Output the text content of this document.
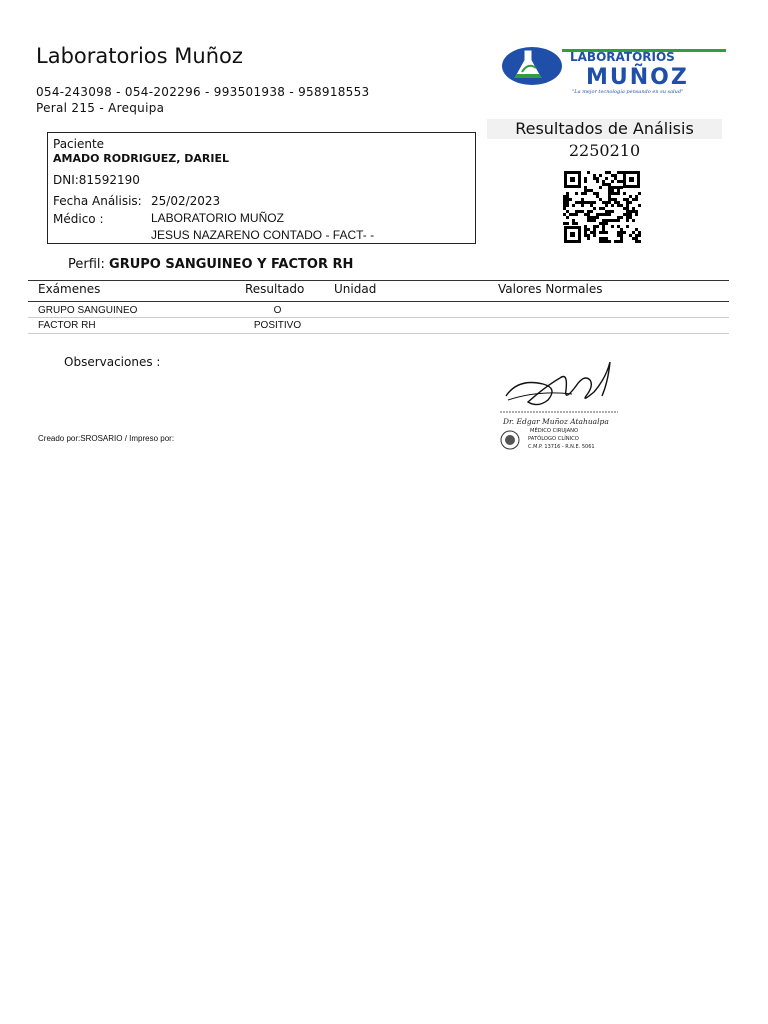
Laboratorios Muñoz
054-243098 - 054-202296 - 993501938 - 958918553
Peral 215 - Arequipa
LABORATORIOS
MUÑOZ
"La mejor tecnología pensando en su salud"
Paciente
AMADO RODRIGUEZ, DARIEL
DNI:81592190
Fecha Análisis: 25/02/2023
Médico :	LABORATORIO MUÑOZ
JESUS NAZARENO CONTADO - FACT- -
Resultados de Análisis
2250210
Perfil: GRUPO SANGUINEO Y FACTOR RH
Exámenes	Resultado Unidad	Valores Normales
GRUPO SANGUINEO	O
FACTOR RH	POSITIVO
Observaciones :
Creado por:SROSARIO / Impreso por:
Dr. Edgar Muñoz Atahualpa
MÉDICO CIRUJANO
PATÓLOGO CLÍNICO
C.M.P. 13716 - R.N.E. 5061
